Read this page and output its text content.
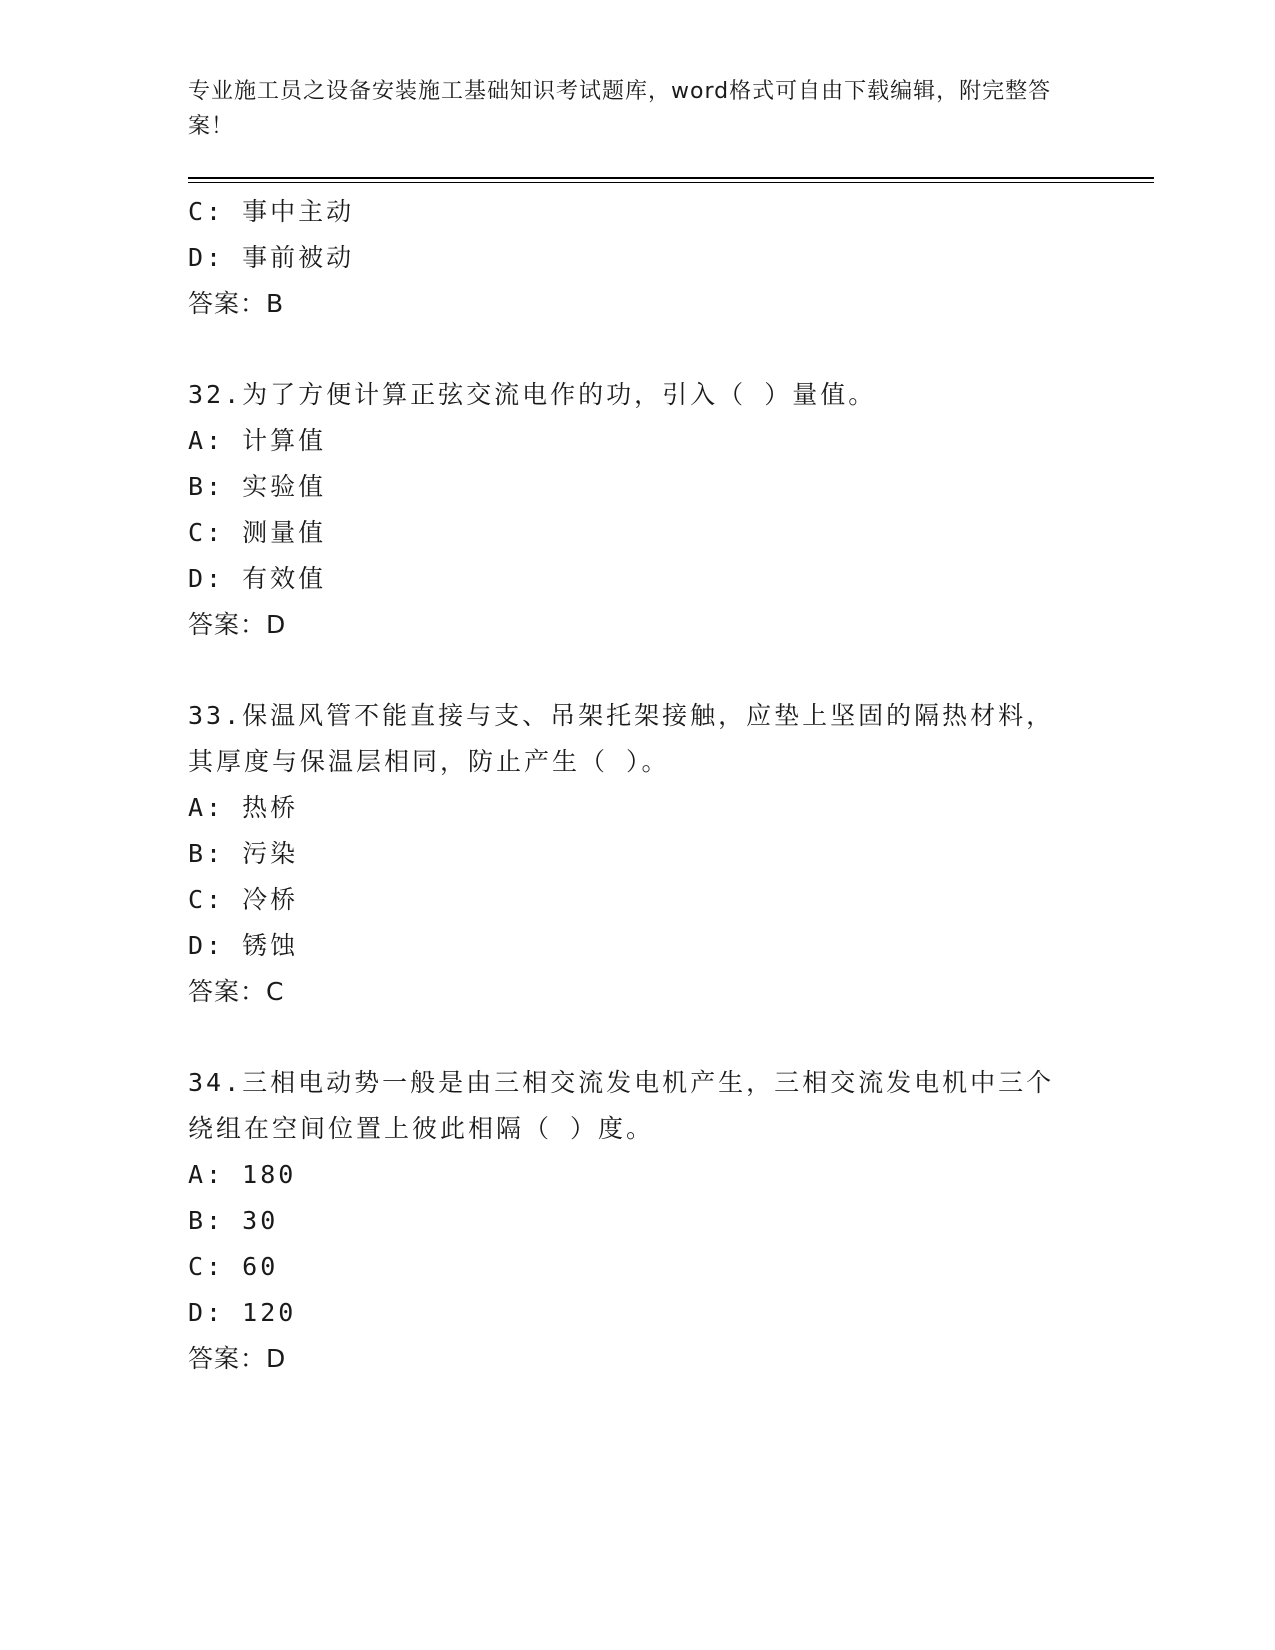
专业施工员之设备安装施工基础知识考试题库，word格式可自由下载编辑，附完整答案！
C: 事中主动
D: 事前被动
答案：B
32.为了方便计算正弦交流电作的功，引入（ ）量值。
A: 计算值
B: 实验值
C: 测量值
D: 有效值
答案：D
33.保温风管不能直接与支、吊架托架接触，应垫上坚固的隔热材料，其厚度与保温层相同，防止产生（ ）。
A: 热桥
B: 污染
C: 冷桥
D: 锈蚀
答案：C
34.三相电动势一般是由三相交流发电机产生，三相交流发电机中三个绕组在空间位置上彼此相隔（ ）度。
A: 180
B: 30
C: 60
D: 120
答案：D
